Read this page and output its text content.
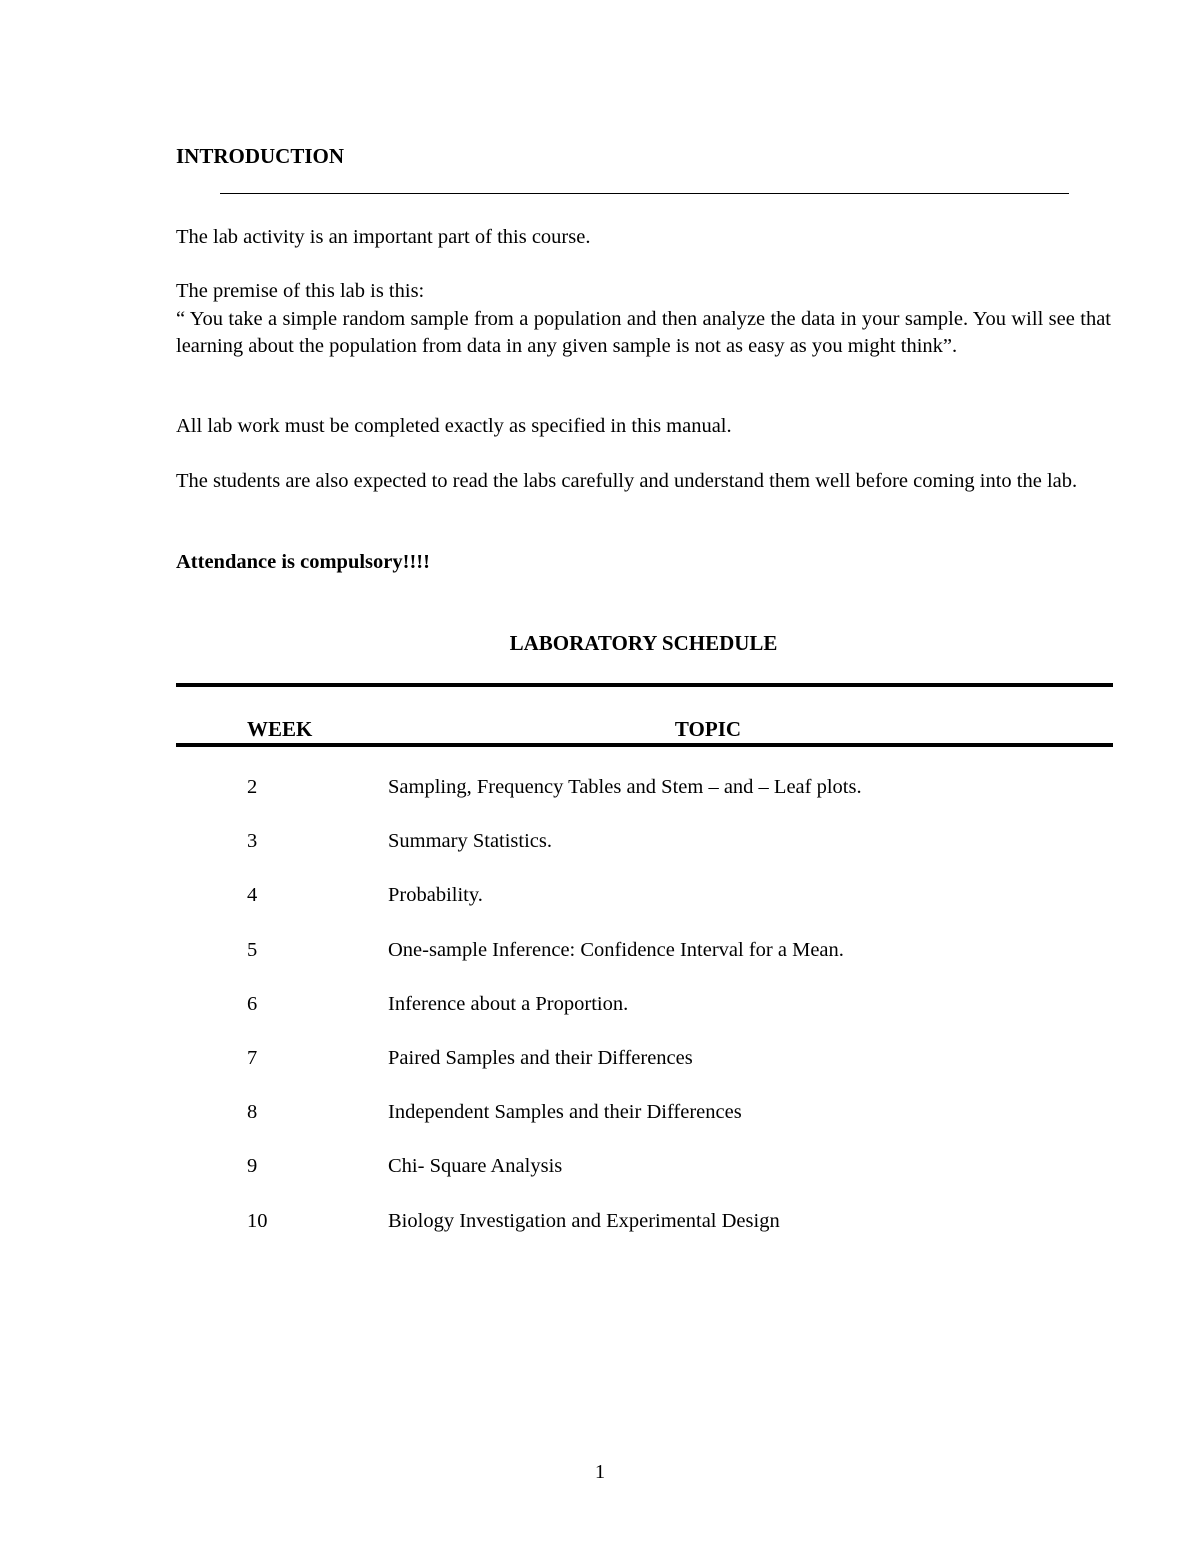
INTRODUCTION

The lab activity is an important part of this course.

The premise of this lab is this:
“ You take a simple random sample from a population and then analyze the data in your sample. You will see that learning about the population from data in any given sample is not as easy as you might think”.

All lab work must be completed exactly as specified in this manual.

The students are also expected to read the labs carefully and understand them well before coming into the lab.

Attendance is compulsory!!!!

LABORATORY SCHEDULE
WEEK	TOPIC
2	Sampling, Frequency Tables and Stem – and – Leaf plots.
3	Summary Statistics.
4	Probability.
5	One-sample Inference: Confidence Interval for a Mean.
6	Inference about a Proportion.
7	Paired Samples and their Differences
8	Independent Samples and their Differences
9	Chi- Square Analysis
10	Biology Investigation and Experimental Design
1
